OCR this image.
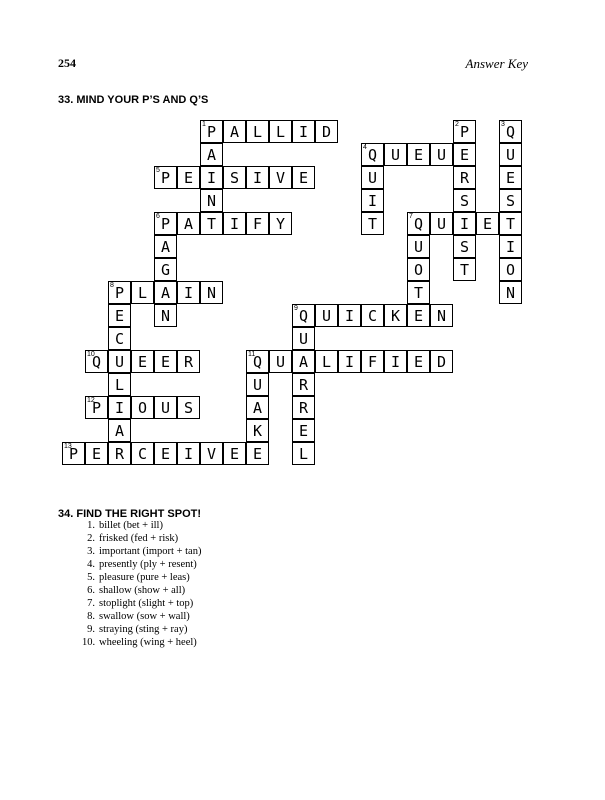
254	Answer Key
33. MIND YOUR P’S AND Q’S
1 P A L L I D
A
I
N
T
2 P
E
R
S
I
S
T
3 Q
U
E
S
T
I
O
N
4 Q U E U
U
I
T
5 P E	S I V E
6 P A	I F Y
A
G
A
N
7 Q U	E
U
O
T
E
8 P L	I N
E
C
U
L
I
A
R
9 Q U I C K	N
U
A
R
R
E
L
10
Q	E E R	11
Q U	L I F I E D
U
A
K
E
12
P	O U S
13
P E	C E I V E
34. FIND THE RIGHT SPOT!
1. billet (bet + ill)
2. frisked (fed + risk)
3. important (import + tan)
4. presently (ply + resent)
5. pleasure (pure + leas)
6. shallow (show + all)
7. stoplight (slight + top)
8. swallow (sow + wall)
9. straying (sting + ray)
10. wheeling (wing + heel)
